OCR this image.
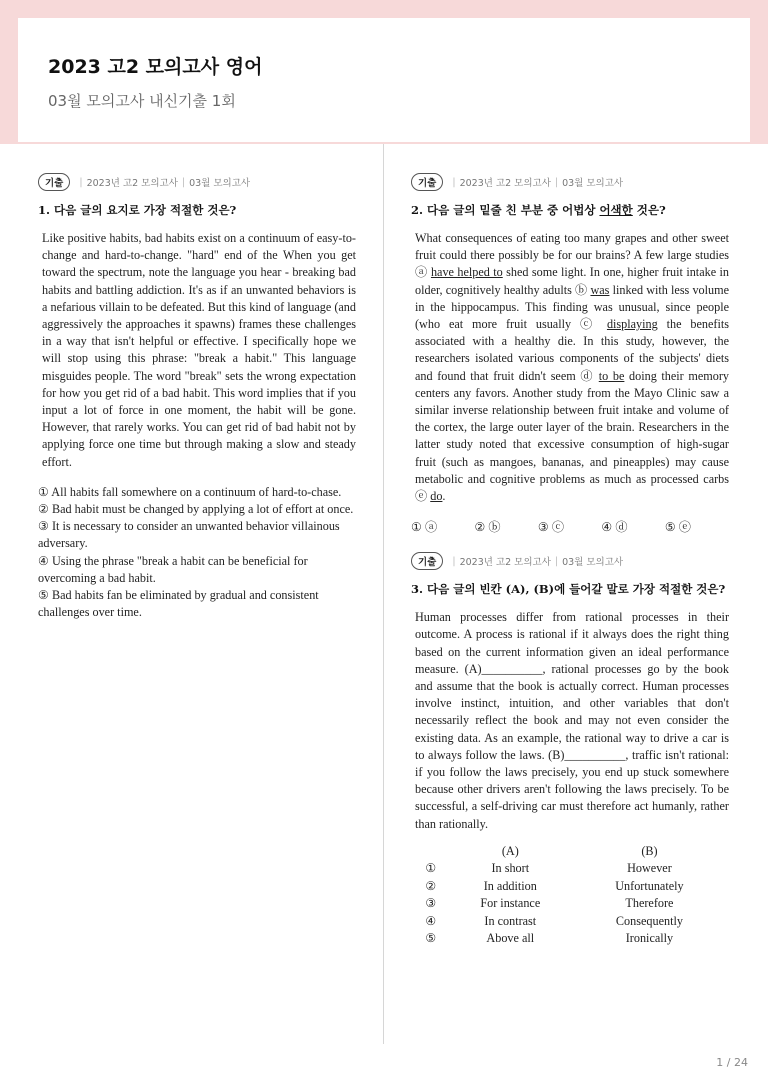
2023 고2 모의고사 영어
03월 모의고사 내신기출 1회
기출	| 2023년 고2 모의고사 | 03월 모의고사
1. 다음 글의 요지로 가장 적절한 것은?

Like positive habits, bad habits exist on a continuum of easy-to-change and hard-to-change. "hard" end of the When you get toward the spectrum, note the language you hear - breaking bad habits and battling addiction. It's as if an unwanted behaviors is a nefarious villain to be defeated. But this kind of language (and aggressively the approaches it spawns) frames these challenges in a way that isn't helpful or effective. I specifically hope we will stop using this phrase: "break a habit." This language misguides people. The word "break" sets the wrong expectation for how you get rid of a bad habit. This word implies that if you input a lot of force in one moment, the habit will be gone. However, that rarely works. You can get rid of bad habit not by applying force one time but through making a slow and steady effort.

① All habits fall somewhere on a continuum of hard-to-chase.
② Bad habit must be changed by applying a lot of effort at once.
③ It is necessary to consider an unwanted behavior villainous adversary.
④ Using the phrase "break a habit can be beneficial for overcoming a bad habit.
⑤ Bad habits fan be eliminated by gradual and consistent challenges over time.
기출	| 2023년 고2 모의고사 | 03월 모의고사
2. 다음 글의 밑줄 친 부분 중 어법상 어색한 것은?

What consequences of eating too many grapes and other sweet fruit could there possibly be for our brains? A few large studies ⓐ have helped to shed some light. In one, higher fruit intake in older, cognitively healthy adults ⓑ was linked with less volume in the hippocampus. This finding was unusual, since people (who eat more fruit usually ⓒ displaying the benefits associated with a healthy die. In this study, however, the researchers isolated various components of the subjects' diets and found that fruit didn't seem ⓓ to be doing their memory centers any favors. Another study from the Mayo Clinic saw a similar inverse relationship between fruit intake and volume of the cortex, the large outer layer of the brain. Researchers in the latter study noted that excessive consumption of high-sugar fruit (such as mangoes, bananas, and pineapples) may cause metabolic and cognitive problems as much as processed carbs ⓔ do.

① ⓐ	② ⓑ	③ ⓒ	④ ⓓ	⑤ ⓔ
기출	| 2023년 고2 모의고사 | 03월 모의고사
3. 다음 글의 빈칸 (A), (B)에 들어갈 말로 가장 적절한 것은?

Human processes differ from rational processes in their outcome. A process is rational if it always does the right thing based on the current information given an ideal performance measure. (A)__________, rational processes go by the book and assume that the book is actually correct. Human processes involve instinct, intuition, and other variables that don't necessarily reflect the book and may not even consider the existing data. As an example, the rational way to drive a car is to always follow the laws. (B)__________, traffic isn't rational: if you follow the laws precisely, you end up stuck somewhere because other drivers aren't following the laws precisely. To be successful, a self-driving car must therefore act humanly, rather than rationally.

	(A)	(B)
①	In short	However
②	In addition	Unfortunately
③	For instance	Therefore
④	In contrast	Consequently
⑤	Above all	Ironically
1 / 24
